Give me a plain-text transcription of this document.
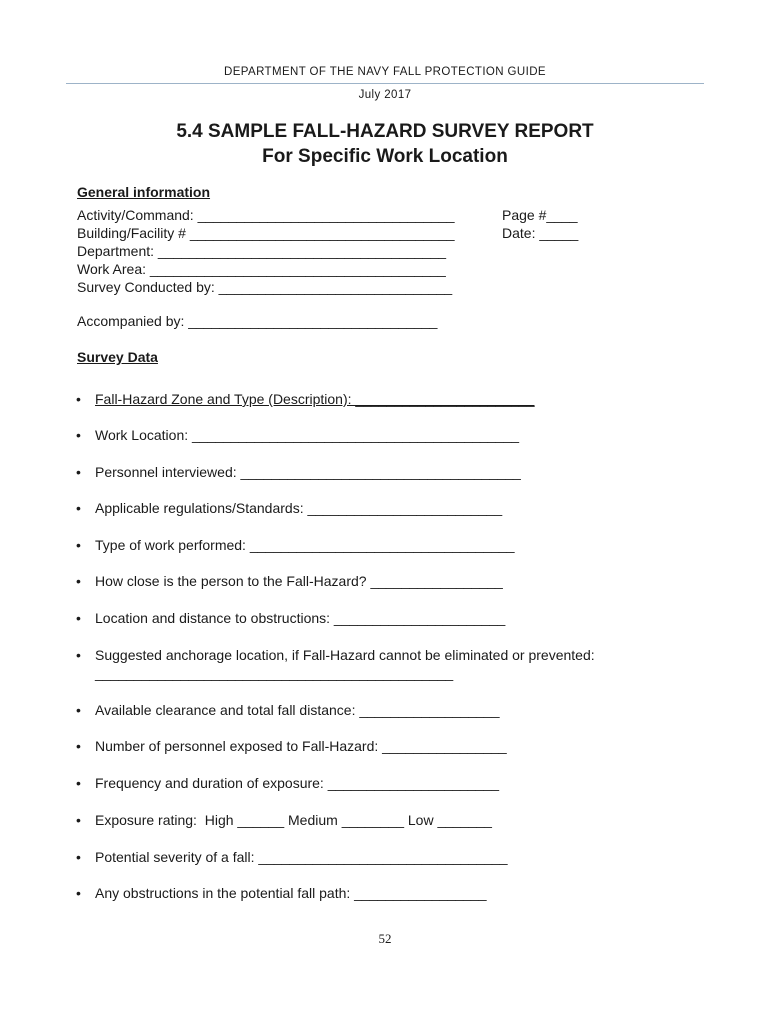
DEPARTMENT OF THE NAVY FALL PROTECTION GUIDE
July 2017
5.4 SAMPLE FALL-HAZARD SURVEY REPORT
For Specific Work Location
General information
Activity/Command: _________________________________
Building/Facility # __________________________________
Department: _____________________________________
Work Area: ______________________________________
Survey Conducted by: ______________________________
Page #____
Date: _____
Accompanied by: ________________________________
Survey Data

•

Fall-Hazard Zone and Type (Description): _______________________

•

Work Location: __________________________________________

•

Personnel interviewed: ____________________________________

•

Applicable regulations/Standards: _________________________

•

Type of work performed: __________________________________

•

How close is the person to the Fall-Hazard? _________________

•

Location and distance to obstructions: ______________________

•

Suggested anchorage location, if Fall-Hazard cannot be eliminated or prevented:

______________________________________________

•

Available clearance and total fall distance: __________________

•

Number of personnel exposed to Fall-Hazard: ________________

•

Frequency and duration of exposure: ______________________

•

Exposure rating:  High ______ Medium ________ Low _______

•

Potential severity of a fall: ________________________________

•

Any obstructions in the potential fall path: _________________

52
